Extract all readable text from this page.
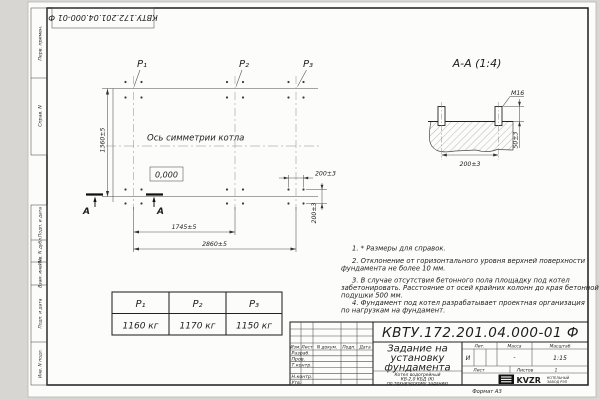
Перв. примен.
Справ. N
Подп. и дата
Инв. N дубл.
Взам. инв. N
Подп. и дата
Инв. N подл.
КВТУ.172.201.04.000-01 Ф
P₁	P₂	P₃
Ось симметрии котла
0,000
1360±5
1745±5
2860±5
200±3
200±3
А	А
А-А (1:4)
М16
200±3
50±3
1. * Размеры для справок.
2. Отклонение от горизонтального уровня верхней поверхности
фундамента не более 10 мм.
3. В случае отсутствия бетонного пола площадку под котел
забетонировать. Расстояние от осей крайних колонн до края бетонной
подушки 500 мм.
4. Фундамент под котел разрабатывает проектная организация
по нагрузкам на фундамент.
P₁	P₂	P₃
1160 кг 1170 кг 1150 кг
Изм. Лист N докум. Подп. Дата
Разраб.
Пров.
Т.контр.
Н.контр.
Утв.
КВТУ.172.201.04.000-01 Ф
Задание на
установку
фундамента
Котел водогрейный
КВ-2,0 КБД (К)
по техническому заданию
Лит.	Масса	Масштаб
И	-	1:15
Лист	Листов	1
KVZR КОТЕЛЬНЫЙ
ЗАВОД РЭП
Формат А3
